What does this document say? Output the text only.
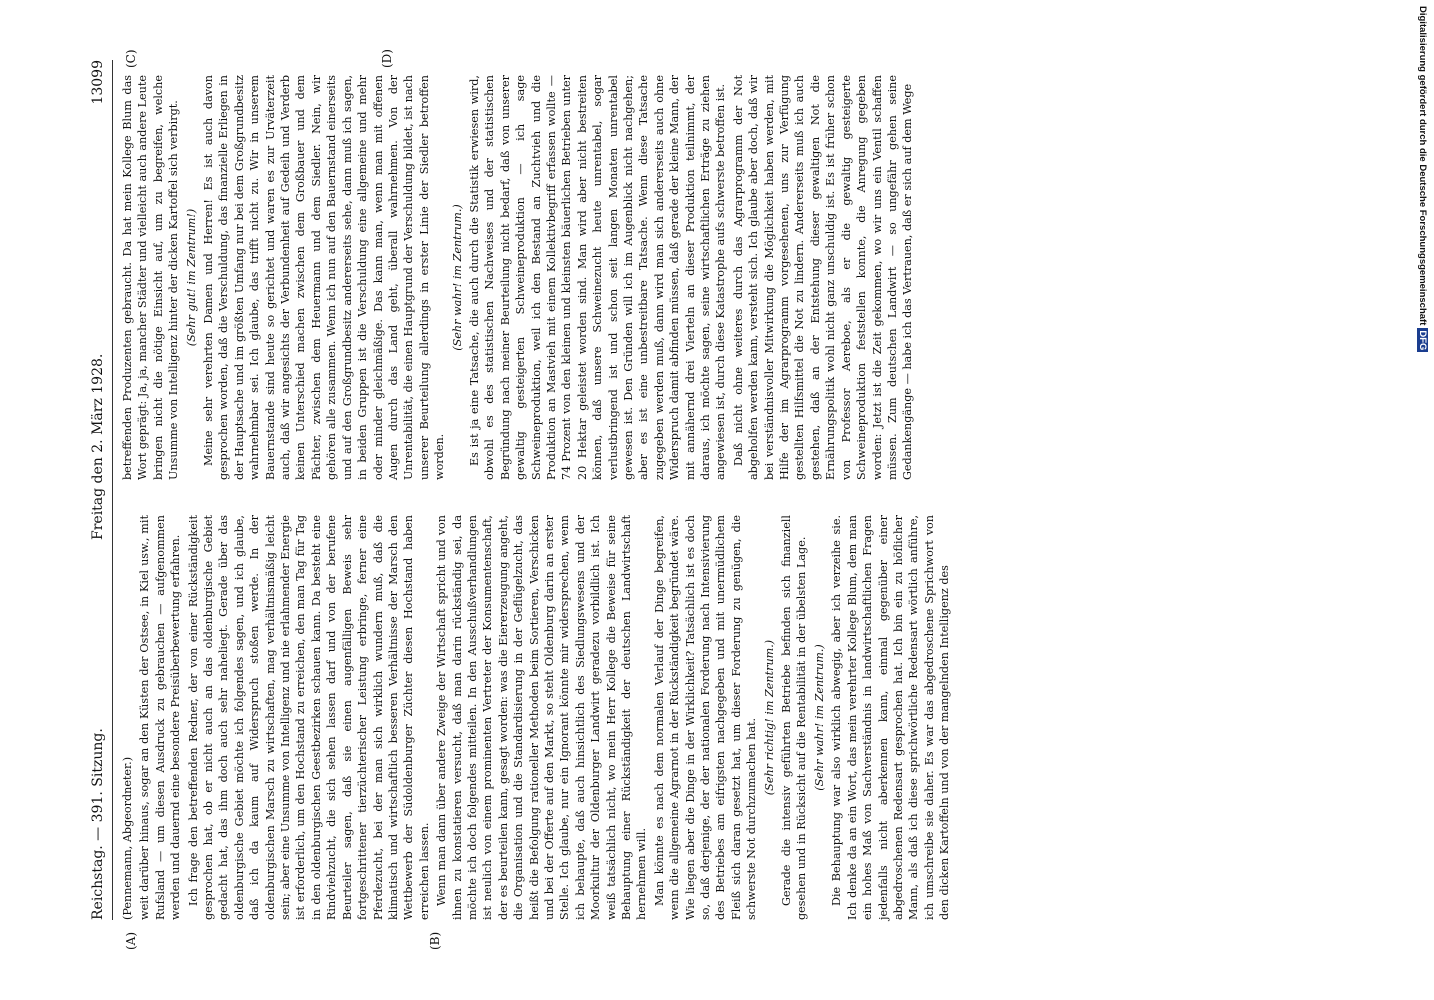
Reichstag. — 391. Sitzung.
Freitag den 2. März 1928.
13099
(A)	(B)
(C)	(D)

(Pennemann, Abgeordneter.) weit darüber hinaus, sogar an den Küsten der Ostsee, in Kiel usw., mit Rufsland — um diesen Ausdruck zu gebrauchen — aufgenommen werden und dauernd eine besondere Preisüberbewertung erfahren. Ich frage den betreffenden Redner, der von einer Rückständigkeit gesprochen hat, ob er nicht auch an das oldenburgische Gebiet gedacht hat, das ihm doch auch sehr naheliegt. Gerade über das oldenburgische Gebiet möchte ich folgendes sagen, und ich glaube, daß ich da kaum auf Widerspruch stoßen werde. In der oldenburgischen Marsch zu wirtschaften, mag verhältnismäßig leicht sein; aber eine Unsumme von Intelligenz und nie erlahmender Energie ist erforderlich, um den Hochstand zu erreichen, den man Tag für Tag in den oldenburgischen Geestbezirken schauen kann. Da besteht eine Rindviehzucht, die sich sehen lassen darf und von der berufene Beurteiler sagen, daß sie einen augenfälligen Beweis sehr fortgeschrittener tierzüchterischer Leistung erbringe, ferner eine Pferdezucht, bei der man sich wirklich wundern muß, daß die klimatisch und wirtschaftlich besseren Verhältnisse der Marsch den Wettbewerb der Südoldenburger Züchter diesen Hochstand haben erreichen lassen. Wenn man dann über andere Zweige der Wirtschaft spricht und von ihnen zu konstatieren versucht, daß man darin rückständig sei, da möchte ich doch folgendes mitteilen. In den Ausschußverhandlungen ist neulich von einem prominenten Vertreter der Konsumentenschaft, der es beurteilen kann, gesagt worden: was die Eiererzeugung angeht, die Organisation und die Standardisierung in der Geflügelzucht, das heißt die Befolgung rationeller Methoden beim Sortieren, Verschicken und bei der Offerte auf den Markt, so steht Oldenburg darin an erster Stelle. Ich glaube, nur ein Ignorant könnte mir widersprechen, wenn ich behaupte, daß auch hinsichtlich des Siedlungswesens und der Moorkultur der Oldenburger Landwirt geradezu vorbildlich ist. Ich weiß tatsächlich nicht, wo mein Herr Kollege die Beweise für seine Behauptung einer Rückständigkeit der deutschen Landwirtschaft hernehmen will. Man könnte es nach dem normalen Verlauf der Dinge begreifen, wenn die allgemeine Agrarnot in der Rückständigkeit begründet wäre. Wie liegen aber die Dinge in der Wirklichkeit? Tatsächlich ist es doch so, daß derjenige, der der nationalen Forderung nach Intensivierung des Betriebes am eifrigsten nachgegeben und mit unermüdlichem Fleiß sich daran gesetzt hat, um dieser Forderung zu genügen, die schwerste Not durchzumachen hat.

(Sehr richtig! im Zentrum.) Gerade die intensiv geführten Betriebe befinden sich finanziell gesehen und in Rücksicht auf die Rentabilität in der übelsten Lage. (Sehr wahr! im Zentrum.) Die Behauptung war also wirklich abwegig, aber ich verzeihe sie. Ich denke da an ein Wort, das mein verehrter Kollege Blum, dem man ein hohes Maß von Sachverständnis in landwirtschaftlichen Fragen jedenfalls nicht aberkennen kann, einmal gegenüber einer abgedroschenen Redensart gesprochen hat. Ich bin ein zu höflicher Mann, als daß ich diese sprichwörtliche Redensart wörtlich anführe, ich umschreibe sie daher. Es war das abgedroschene Sprichwort von den dicken Kartoffeln und von der mangelnden Intelligenz des

betreffenden Produzenten gebraucht. Da hat mein Kollege Blum das Wort geprägt: Ja, ja, mancher Städter und vielleicht auch andere Leute bringen nicht die nötige Einsicht auf, um zu begreifen, welche Unsumme von Intelligenz hinter der dicken Kartoffel sich verbirgt. (Sehr gut! im Zentrum!) Meine sehr verehrten Damen und Herren! Es ist auch davon gesprochen worden, daß die Verschuldung, das finanzielle Erliegen in der Hauptsache und im größten Umfang nur bei dem Großgrundbesitz wahrnehmbar sei. Ich glaube, das trifft nicht zu. Wir in unserem Bauernstande sind heute so gerichtet und waren es zur Urväterzeit auch, daß wir angesichts der Verbundenheit auf Gedeih und Verderb keinen Unterschied machen zwischen dem Großbauer und dem Pächter, zwischen dem Heuermann und dem Siedler. Nein, wir gehören alle zusammen. Wenn ich nun auf den Bauernstand einerseits und auf den Großgrundbesitz andererseits sehe, dann muß ich sagen, in beiden Gruppen ist die Verschuldung eine allgemeine und mehr oder minder gleichmäßige. Das kann man, wenn man mit offenen Augen durch das Land geht, überall wahrnehmen. Von der Unrentabilität, die einen Hauptgrund der Verschuldung bildet, ist nach unserer Beurteilung allerdings in erster Linie der Siedler betroffen worden.

(Sehr wahr! im Zentrum.) Es ist ja eine Tatsache, die auch durch die Statistik erwiesen wird, obwohl es des statistischen Nachweises und der statistischen Begründung nach meiner Beurteilung nicht bedarf, daß von unserer gewaltig gesteigerten Schweineproduktion — ich sage Schweineproduktion, weil ich den Bestand an Zuchtvieh und die Produktion an Mastvieh mit einem Kollektivbegriff erfassen wollte — 74 Prozent von den kleinen und kleinsten bäuerlichen Betrieben unter 20 Hektar geleistet worden sind. Man wird aber nicht bestreiten können, daß unsere Schweinezucht heute unrentabel, sogar verlustbringend ist und schon seit langen Monaten unrentabel gewesen ist. Den Gründen will ich im Augenblick nicht nachgehen; aber es ist eine unbestreitbare Tatsache. Wenn diese Tatsache zugegeben werden muß, dann wird man sich andererseits auch ohne Widerspruch damit abfinden müssen, daß gerade der kleine Mann, der mit annähernd drei Vierteln an dieser Produktion teilnimmt, der daraus, ich möchte sagen, seine wirtschaftlichen Erträge zu ziehen angewiesen ist, durch diese Katastrophe aufs schwerste betroffen ist. Daß nicht ohne weiteres durch das Agrarprogramm der Not abgeholfen werden kann, versteht sich. Ich glaube aber doch, daß wir bei verständnisvoller Mitwirkung die Möglichkeit haben werden, mit Hilfe der im Agrarprogramm vorgesehenen, uns zur Verfügung gestellten Hilfsmittel die Not zu lindern. Andererseits muß ich auch gestehen, daß an der Entstehung dieser gewaltigen Not die Ernährungspolitik wohl nicht ganz unschuldig ist. Es ist früher schon von Professor Aereboe, als er die gewaltig gesteigerte Schweineproduktion feststellen konnte, die Anregung gegeben worden: Jetzt ist die Zeit gekommen, wo wir uns ein Ventil schaffen müssen. Zum deutschen Landwirt — so ungefähr gehen seine Gedankengänge — habe ich das Vertrauen, daß er sich auf dem Wege	Digitalisierung gefördert durch die Deutsche ForschungsgemeinschaftDFG
